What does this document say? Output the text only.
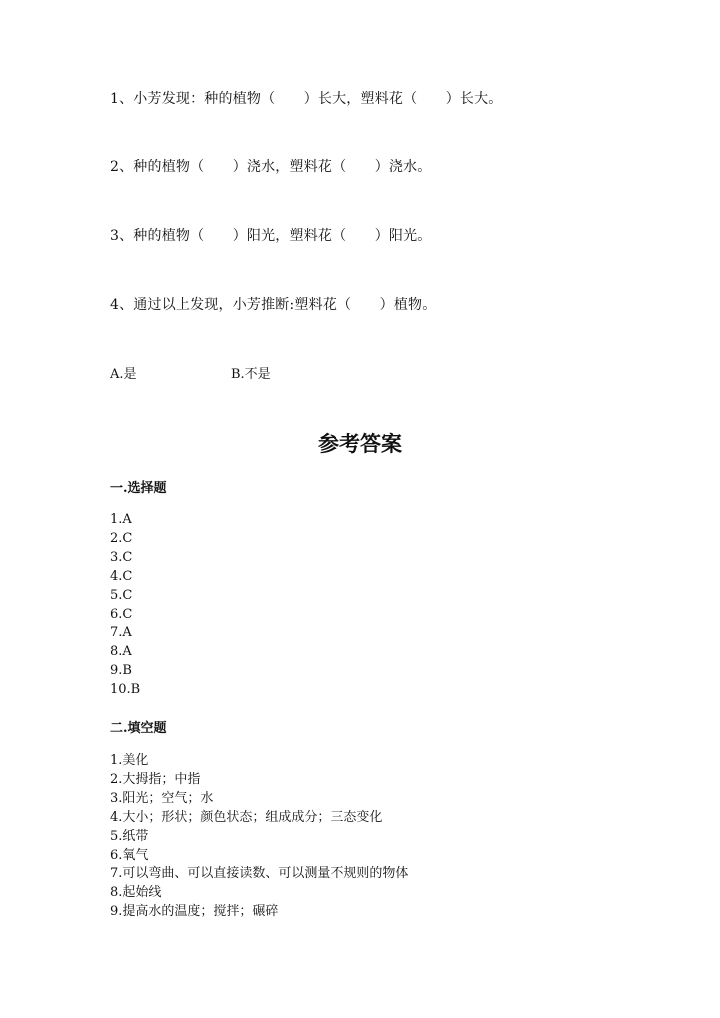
1、小芳发现：种的植物（　　）长大，塑料花（　　）长大。
2、种的植物（　　）浇水，塑料花（　　）浇水。
3、种的植物（　　）阳光，塑料花（　　）阳光。
4、通过以上发现，小芳推断:塑料花（　　）植物。
A.是	B.不是
参考答案
一.选择题
1.A
2.C
3.C
4.C
5.C
6.C
7.A
8.A
9.B
10.B
二.填空题
1.美化
2.大拇指；中指
3.阳光；空气；水
4.大小；形状；颜色状态；组成成分；三态变化
5.纸带
6.氧气
7.可以弯曲、可以直接读数、可以测量不规则的物体
8.起始线
9.提高水的温度；搅拌；碾碎
